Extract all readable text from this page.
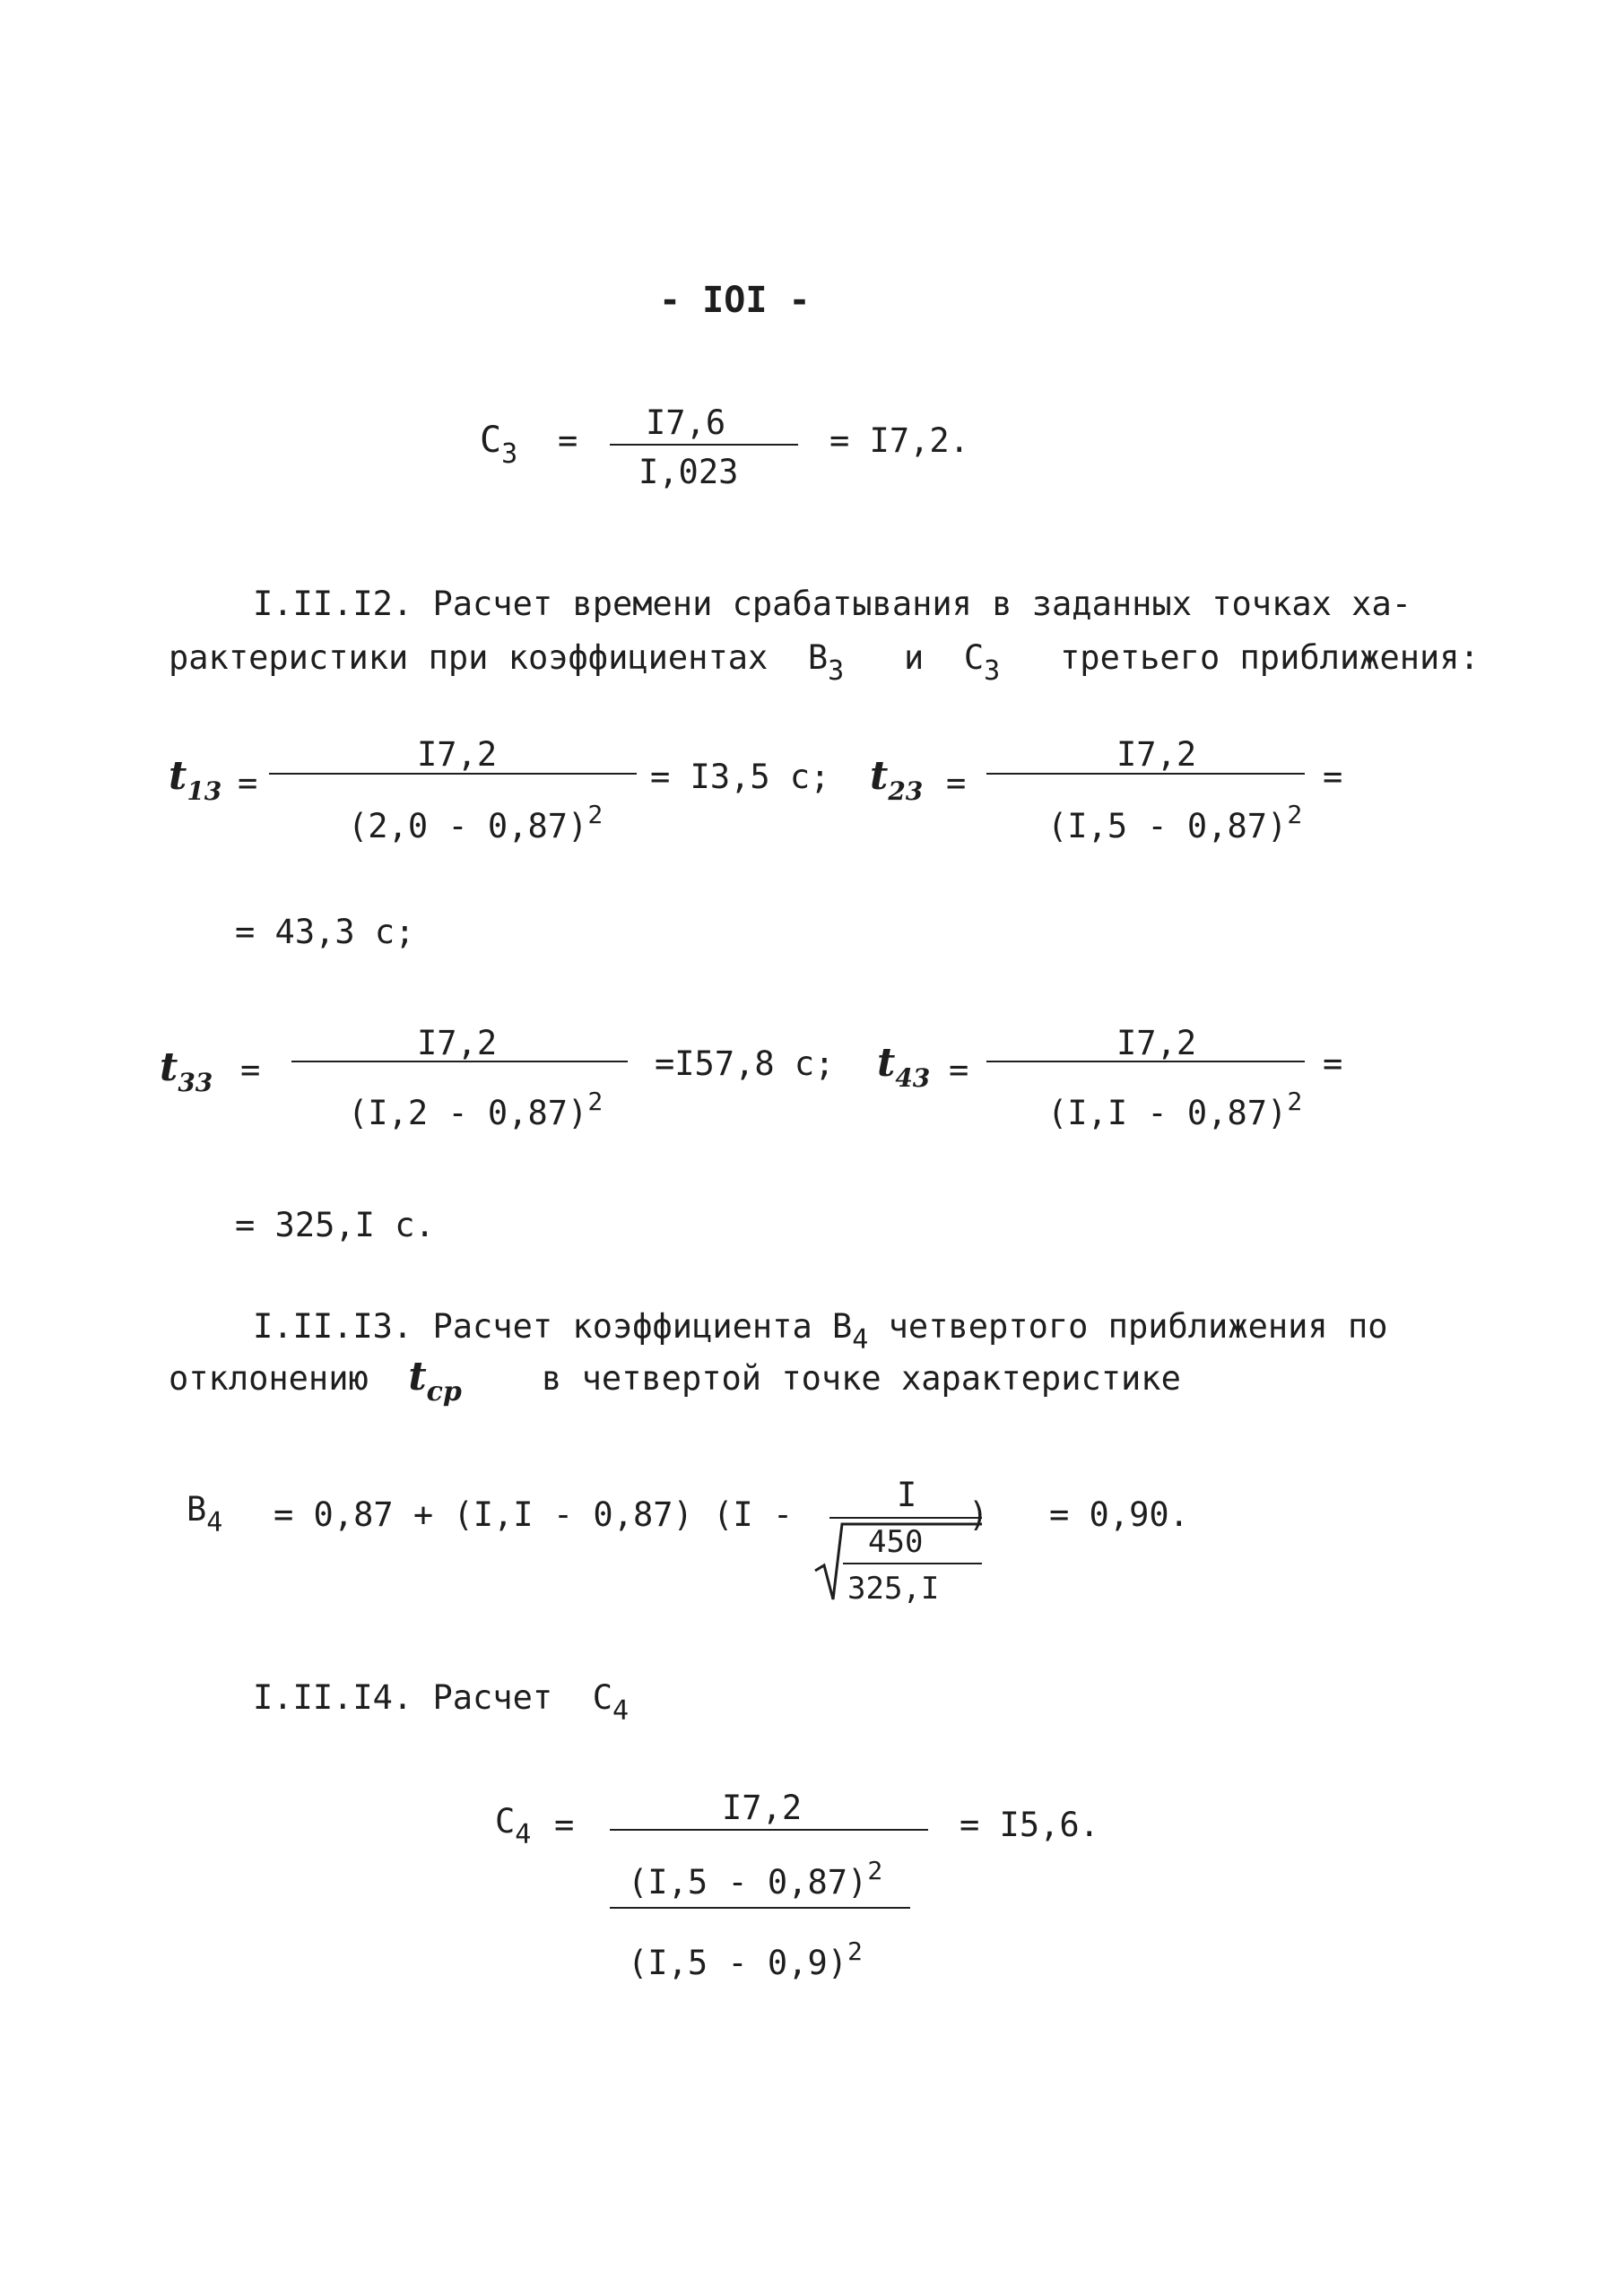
- IOI -
$C_3 = I7,6$
I,023
= I7,2.
I.II.I2. Расчет времени срабатывания в заданных точках ха-
рактеристики при коэффициентах $B_3$ и $C_3$ третьего приближения:
$t_{13}$ =
I7,2
(2,0 - 0,87)$^2$
= I3,5 с; $t_{23}$ =
I7,2
(I,5 - 0,87)$^2$
=
= 43,3 с;
$t_{33}$ =
I7,2
(I,2 - 0,87)$^2$
=I57,8 с; $t_{43}$ =
I7,2
(I,I - 0,87)$^2$
=
= 325,I с.
I.II.I3. Расчет коэффициента $B_4$ четвертого приближения по
отклонению $t_{ср}$ в четвертой точке характеристике
$B_4 = 0,87 + (I,I - 0,87)$ (I -
I
)
450
325,I
= 0,90.
I.II.I4. Расчет $C_4$
$C_4$ =	I7,2
(I,5 - 0,87)$^2$
(I,5 - 0,9)$^2$
= I5,6.
